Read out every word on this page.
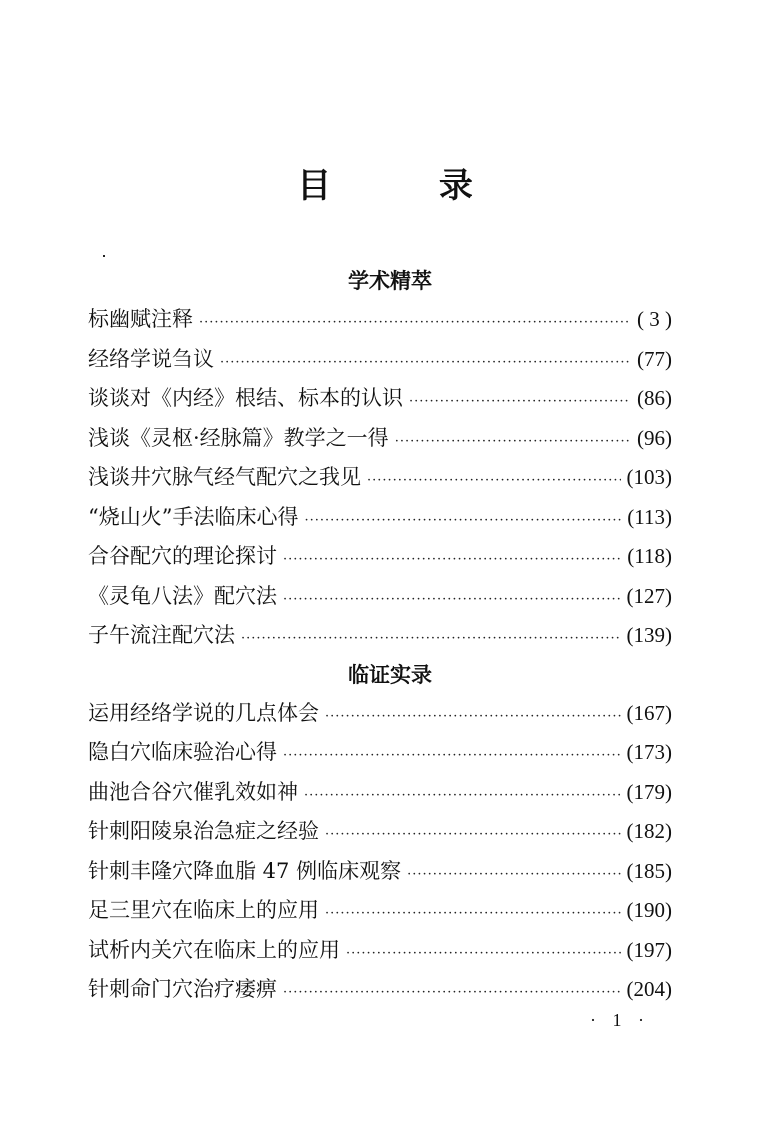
目 录
学术精萃
标幽赋注释 ·····	( 3 )
经络学说刍议 ·····	(77)
谈谈对《内经》根结、标本的认识 ·····	(86)
浅谈《灵枢·经脉篇》教学之一得 ·····	(96)
浅谈井穴脉气经气配穴之我见 ·····	(103)
“烧山火”手法临床心得 ·····	(113)
合谷配穴的理论探讨 ·····	(118)
《灵龟八法》配穴法 ·····	(127)
子午流注配穴法 ·····	(139)
临证实录
运用经络学说的几点体会 ·····	(167)
隐白穴临床验治心得 ·····	(173)
曲池合谷穴催乳效如神 ·····	(179)
针刺阳陵泉治急症之经验 ·····	(182)
针刺丰隆穴降血脂 47 例临床观察 ·····	(185)
足三里穴在临床上的应用 ·····	(190)
试析内关穴在临床上的应用 ·····	(197)
针刺命门穴治疗痿痹 ·····	(204)
· 1 ·
